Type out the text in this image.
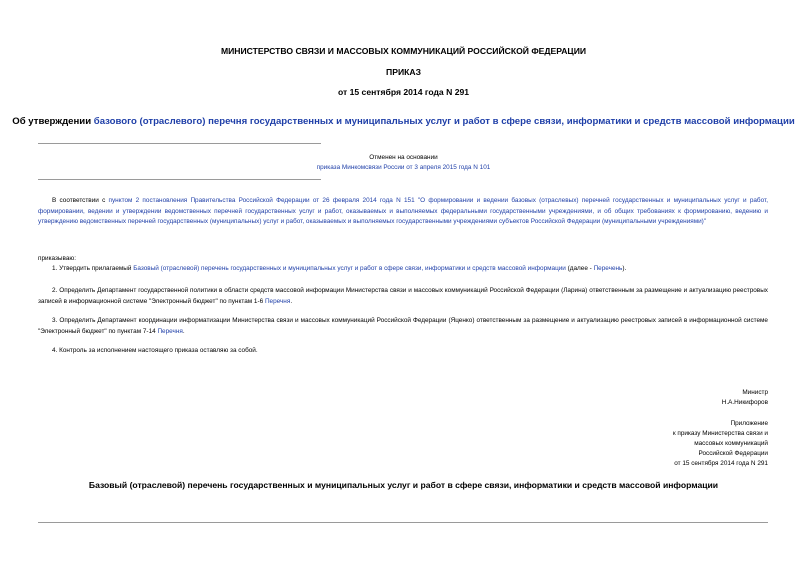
МИНИСТЕРСТВО СВЯЗИ И МАССОВЫХ КОММУНИКАЦИЙ РОССИЙСКОЙ ФЕДЕРАЦИИ
ПРИКАЗ
от 15 сентября 2014 года N 291
Об утверждении базового (отраслевого) перечня государственных и муниципальных услуг и работ в сфере связи, информатики и средств массовой информации
Отменен на основании
приказа Минкомсвязи России от 3 апреля 2015 года N 101
В соответствии с пунктом 2 постановления Правительства Российской Федерации от 26 февраля 2014 года N 151 "О формировании и ведении базовых (отраслевых) перечней государственных и муниципальных услуг и работ, формировании, ведении и утверждении ведомственных перечней государственных услуг и работ, оказываемых и выполняемых федеральными государственными учреждениями, и об общих требованиях к формированию, ведению и утверждению ведомственных перечней государственных (муниципальных) услуг и работ, оказываемых и выполняемых государственными учреждениями субъектов Российской Федерации (муниципальными учреждениями)"
приказываю:
1. Утвердить прилагаемый Базовый (отраслевой) перечень государственных и муниципальных услуг и работ в сфере связи, информатики и средств массовой информации (далее - Перечень).
2. Определить Департамент государственной политики в области средств массовой информации Министерства связи и массовых коммуникаций Российской Федерации (Ларина) ответственным за размещение и актуализацию реестровых записей в информационной системе "Электронный бюджет" по пунктам 1-6 Перечня.
3. Определить Департамент координации информатизации Министерства связи и массовых коммуникаций Российской Федерации (Яценко) ответственным за размещение и актуализацию реестровых записей в информационной системе "Электронный бюджет" по пунктам 7-14 Перечня.
4. Контроль за исполнением настоящего приказа оставляю за собой.
Министр
Н.А.Никифоров
Приложение
к приказу Министерства связи и
массовых коммуникаций
Российской Федерации
от 15 сентября 2014 года N 291
Базовый (отраслевой) перечень государственных и муниципальных услуг и работ в сфере связи, информатики и средств массовой информации
